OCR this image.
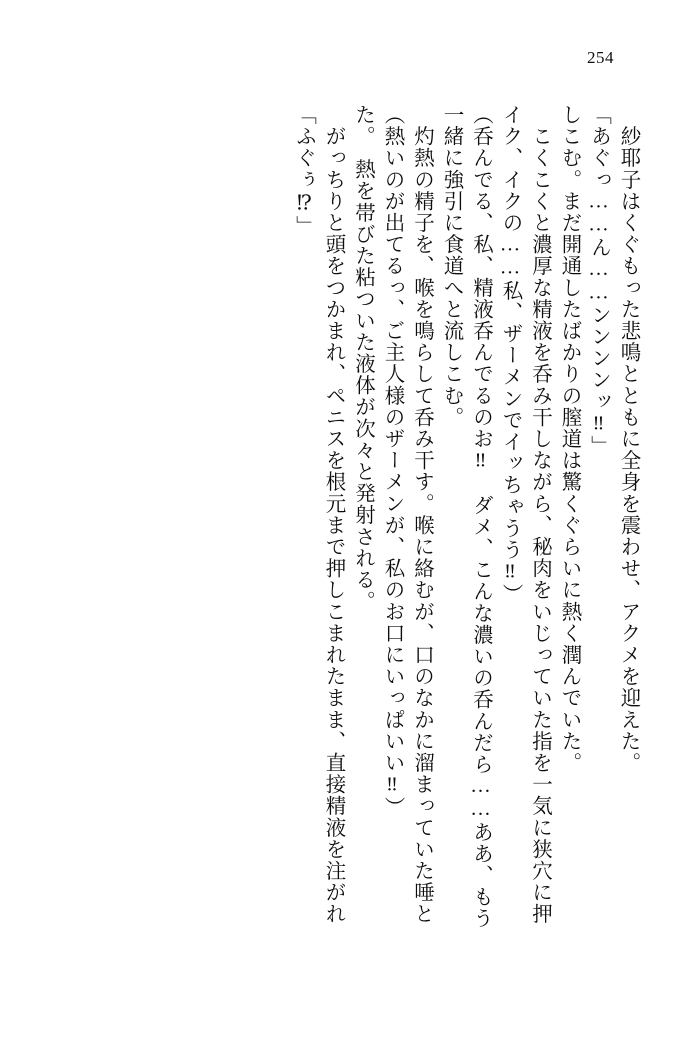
254
「ふぐぅ⁉」 　がっちりと頭をつかまれ、ペニスを根元まで押しこまれたまま、直接精液を注がれ た。　熱を帯びた粘ついた液体が次々と発射される。 （熱いのが出てるっ、ご主人様のザーメンが、私のお口にいっぱいい‼） 　灼熱の精子を、喉を鳴らして呑み干す。喉に絡むが、口のなかに溜まっていた唾と 一緒に強引に食道へと流しこむ。 （呑んでる、私、精液呑んでるのお‼　ダメ、こんな濃いの呑んだら……ああ、もう イク、イクの……私、ザーメンでイッちゃうう‼） 　こくこくと濃厚な精液を呑み干しながら、秘肉をいじっていた指を一気に狭穴に押 しこむ。まだ開通したばかりの膣道は驚くぐらいに熱く潤んでいた。 「あぐっ……ん……ンンンンッ‼」 　紗耶子はくぐもった悲鳴とともに全身を震わせ、アクメを迎えた。
